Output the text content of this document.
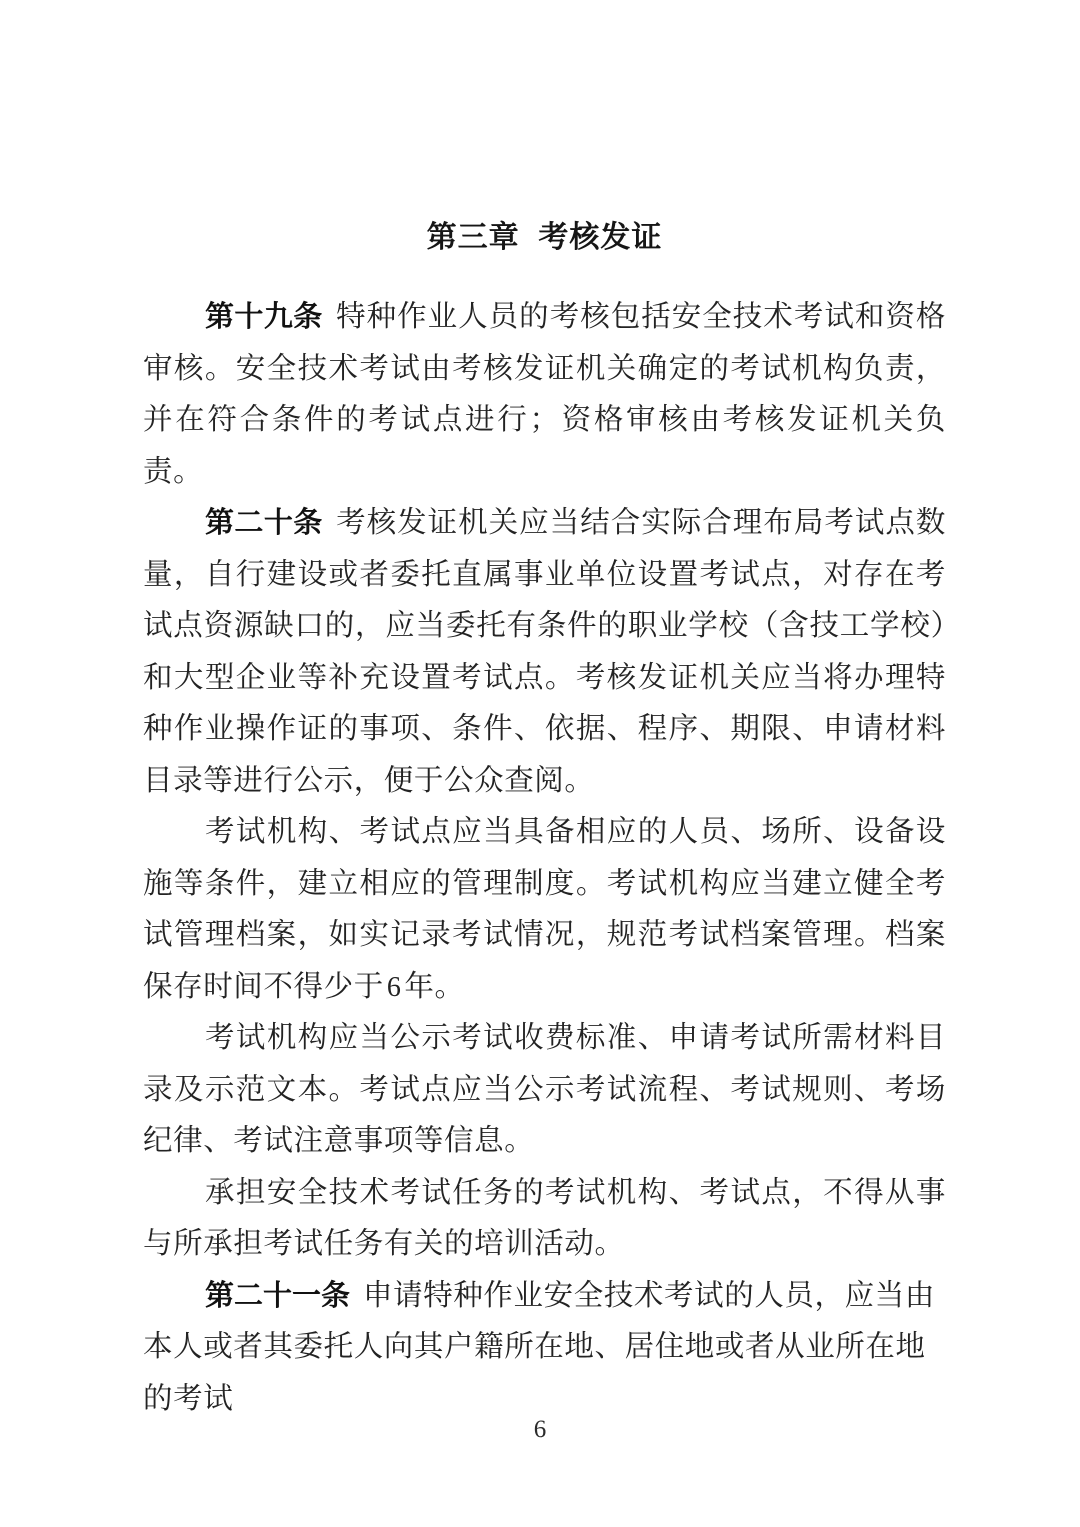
第三章  考核发证

第十九条 特种作业人员的考核包括安全技术考试和资格审核。安全技术考试由考核发证机关确定的考试机构负责，并在符合条件的考试点进行；资格审核由考核发证机关负责。

第二十条 考核发证机关应当结合实际合理布局考试点数量，自行建设或者委托直属事业单位设置考试点，对存在考试点资源缺口的，应当委托有条件的职业学校（含技工学校）和大型企业等补充设置考试点。考核发证机关应当将办理特种作业操作证的事项、条件、依据、程序、期限、申请材料目录等进行公示，便于公众查阅。

考试机构、考试点应当具备相应的人员、场所、设备设施等条件，建立相应的管理制度。考试机构应当建立健全考试管理档案，如实记录考试情况，规范考试档案管理。档案保存时间不得少于 6 年。

考试机构应当公示考试收费标准、申请考试所需材料目录及示范文本。考试点应当公示考试流程、考试规则、考场纪律、考试注意事项等信息。

承担安全技术考试任务的考试机构、考试点，不得从事与所承担考试任务有关的培训活动。

第二十一条 申请特种作业安全技术考试的人员，应当由本人或者其委托人向其户籍所在地、居住地或者从业所在地的考试

6
